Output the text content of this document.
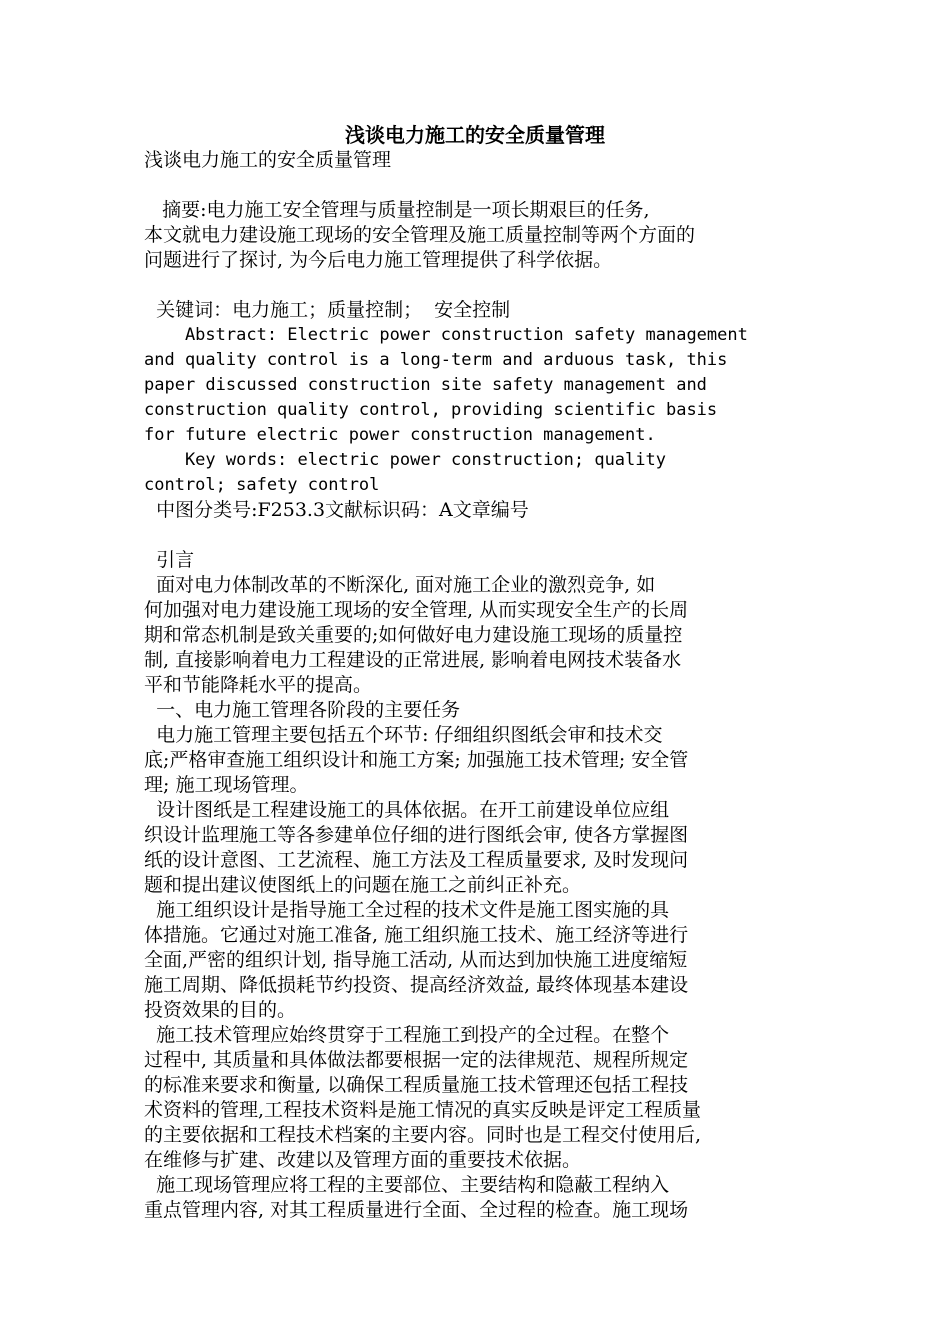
浅谈电力施工的安全质量管理
浅谈电力施工的安全质量管理
摘要:电力施工安全管理与质量控制是一项长期艰巨的任务,
本文就电力建设施工现场的安全管理及施工质量控制等两个方面的
问题进行了探讨, 为今后电力施工管理提供了科学依据。
关键词：电力施工；质量控制；  安全控制
Abstract: Electric power construction safety management
and quality control is a long-term and arduous task, this
paper discussed construction site safety management and
construction quality control, providing scientific basis
for future electric power construction management.
Key words: electric power construction; quality
control; safety control
中图分类号:F253.3文献标识码：A文章编号
引言
面对电力体制改革的不断深化, 面对施工企业的激烈竞争, 如
何加强对电力建设施工现场的安全管理, 从而实现安全生产的长周
期和常态机制是致关重要的;如何做好电力建设施工现场的质量控
制, 直接影响着电力工程建设的正常进展, 影响着电网技术装备水
平和节能降耗水平的提高。
一、电力施工管理各阶段的主要任务
电力施工管理主要包括五个环节: 仔细组织图纸会审和技术交
底;严格审查施工组织设计和施工方案; 加强施工技术管理; 安全管
理; 施工现场管理。
设计图纸是工程建设施工的具体依据。在开工前建设单位应组
织设计监理施工等各参建单位仔细的进行图纸会审, 使各方掌握图
纸的设计意图、工艺流程、施工方法及工程质量要求, 及时发现问
题和提出建议使图纸上的问题在施工之前纠正补充。
施工组织设计是指导施工全过程的技术文件是施工图实施的具
体措施。它通过对施工准备, 施工组织施工技术、施工经济等进行
全面,严密的组织计划, 指导施工活动, 从而达到加快施工进度缩短
施工周期、降低损耗节约投资、提高经济效益, 最终体现基本建设
投资效果的目的。
施工技术管理应始终贯穿于工程施工到投产的全过程。在整个
过程中, 其质量和具体做法都要根据一定的法律规范、规程所规定
的标准来要求和衡量, 以确保工程质量施工技术管理还包括工程技
术资料的管理,工程技术资料是施工情况的真实反映是评定工程质量
的主要依据和工程技术档案的主要内容。同时也是工程交付使用后,
在维修与扩建、改建以及管理方面的重要技术依据。
施工现场管理应将工程的主要部位、主要结构和隐蔽工程纳入
重点管理内容, 对其工程质量进行全面、全过程的检查。施工现场
